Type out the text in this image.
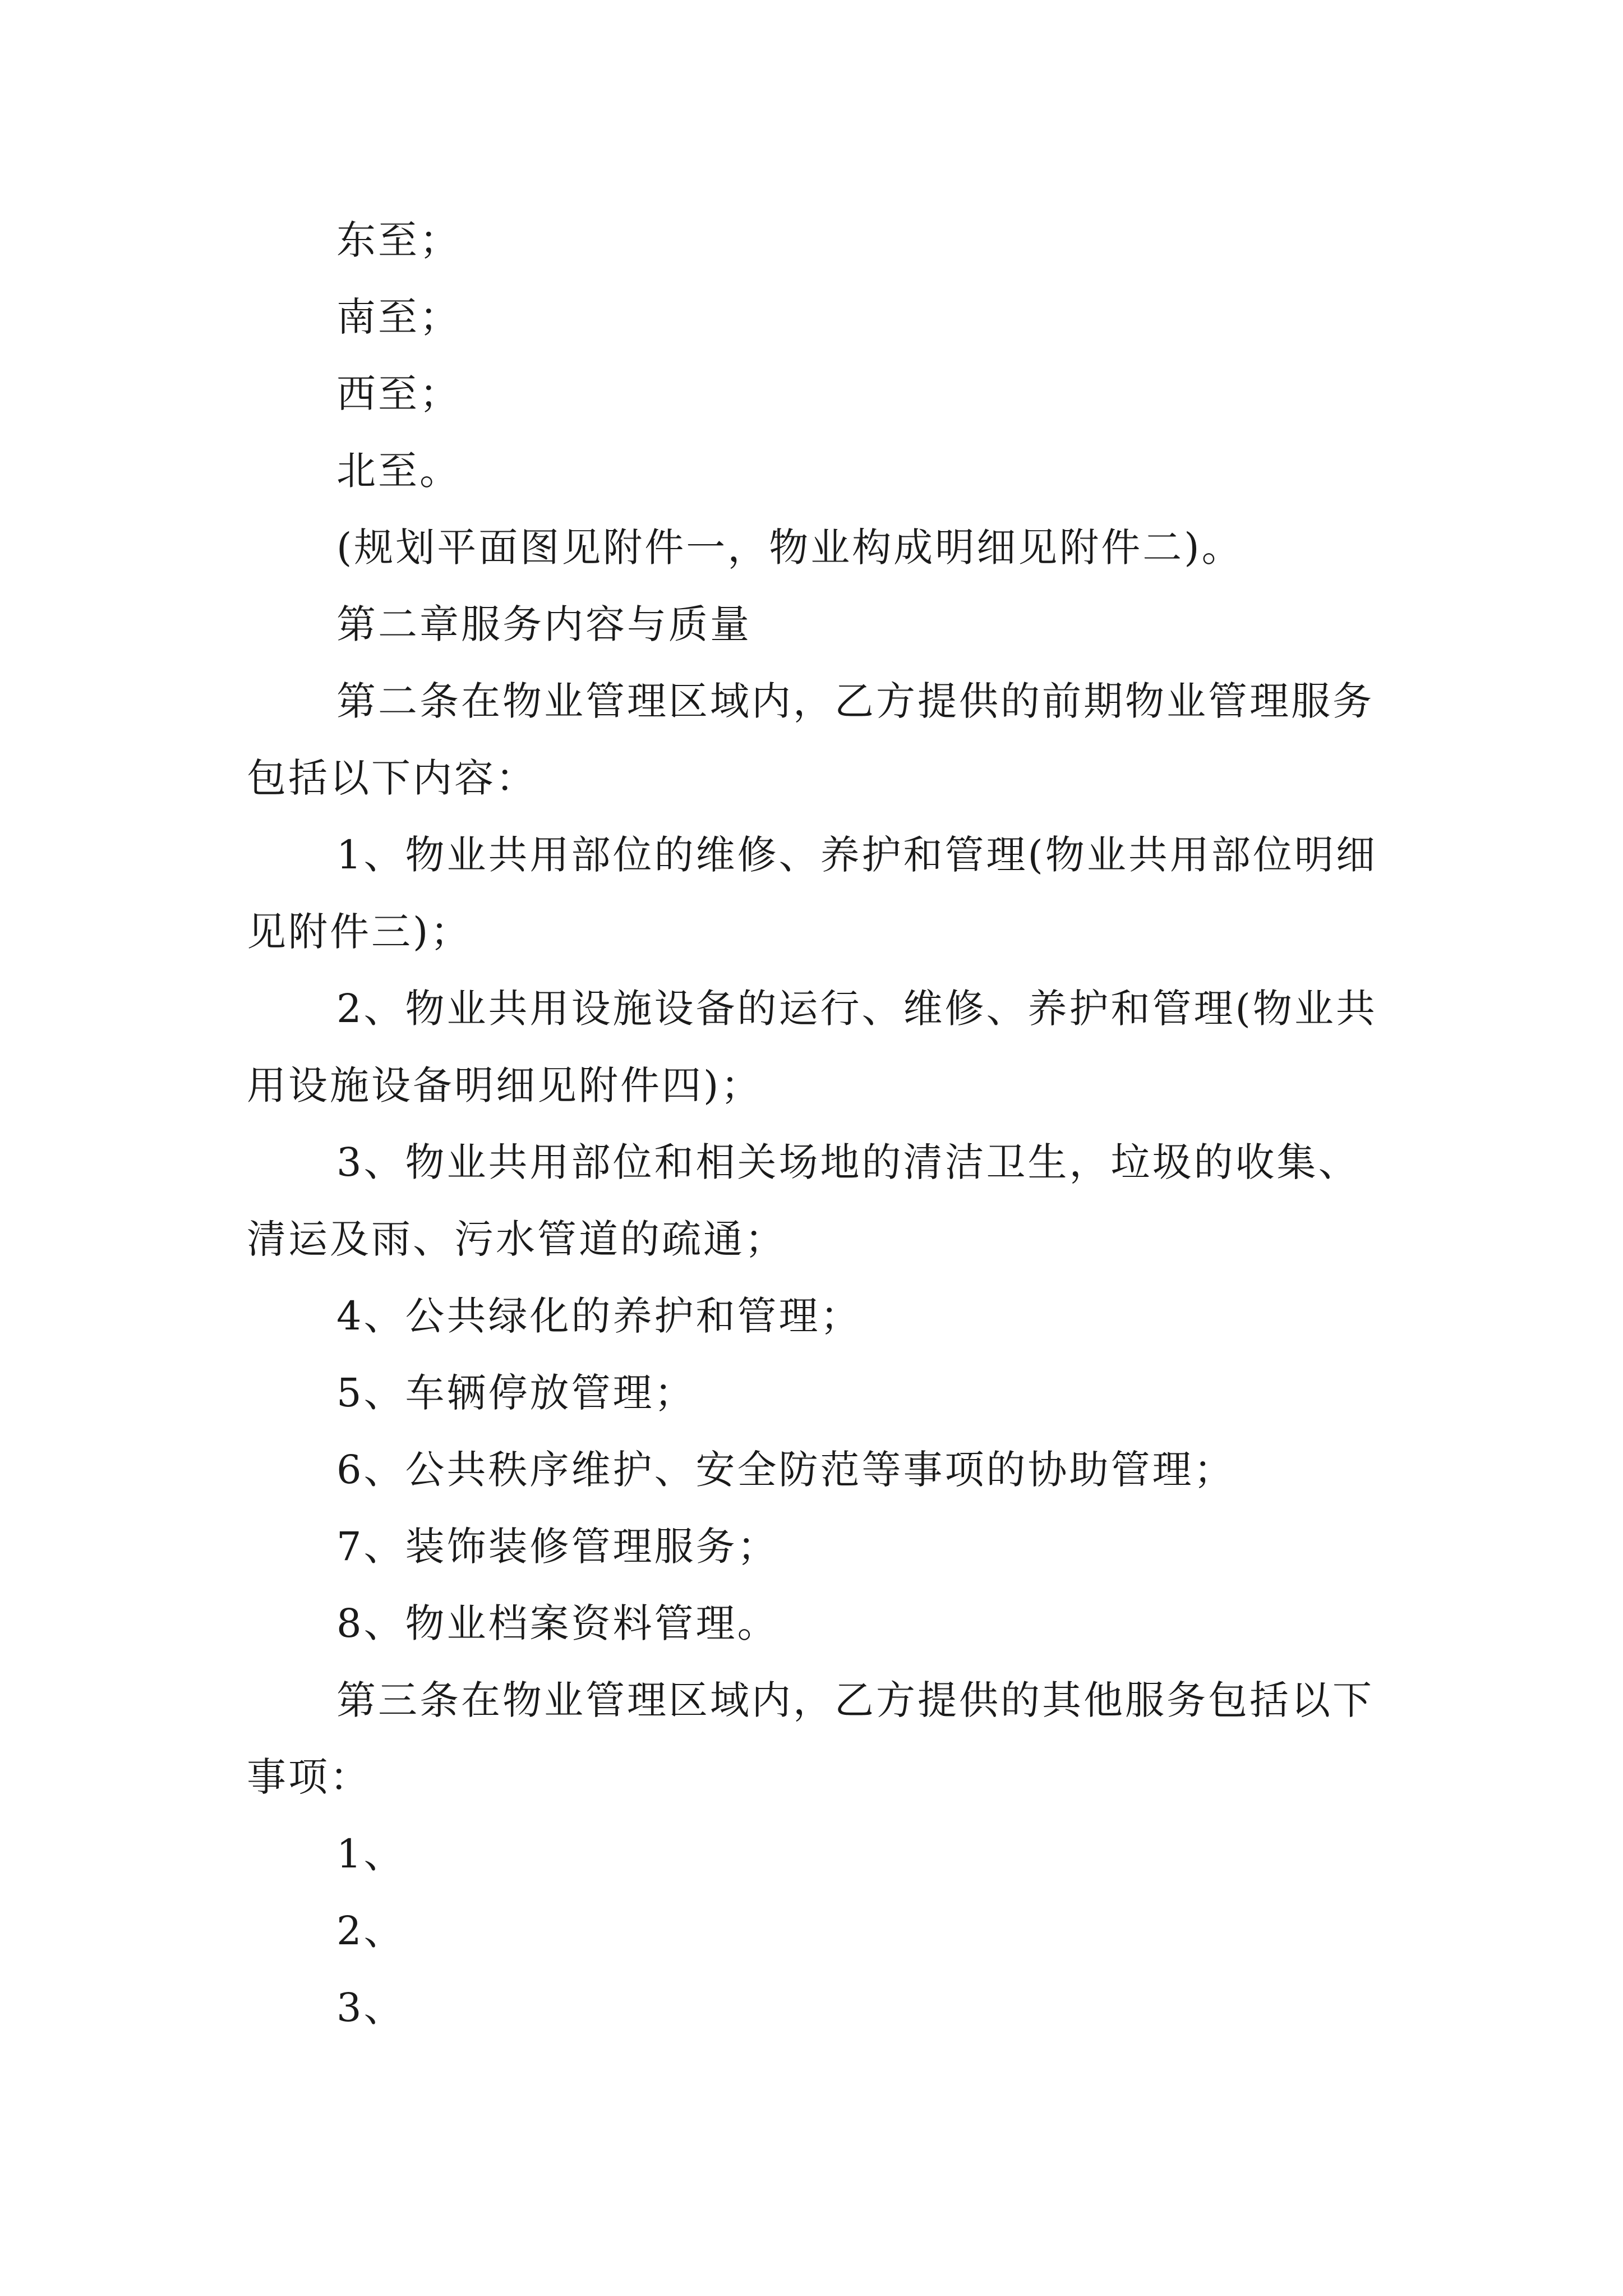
东至；

南至；

西至；

北至。

(规划平面图见附件一，物业构成明细见附件二)。

第二章服务内容与质量

第二条在物业管理区域内，乙方提供的前期物业管理服务包括以下内容：

1、物业共用部位的维修、养护和管理(物业共用部位明细见附件三)；

2、物业共用设施设备的运行、维修、养护和管理(物业共用设施设备明细见附件四)；

3、物业共用部位和相关场地的清洁卫生，垃圾的收集、清运及雨、污水管道的疏通；

4、公共绿化的养护和管理；

5、车辆停放管理；

6、公共秩序维护、安全防范等事项的协助管理；

7、装饰装修管理服务；

8、物业档案资料管理。

第三条在物业管理区域内，乙方提供的其他服务包括以下事项：

1、

2、

3、
